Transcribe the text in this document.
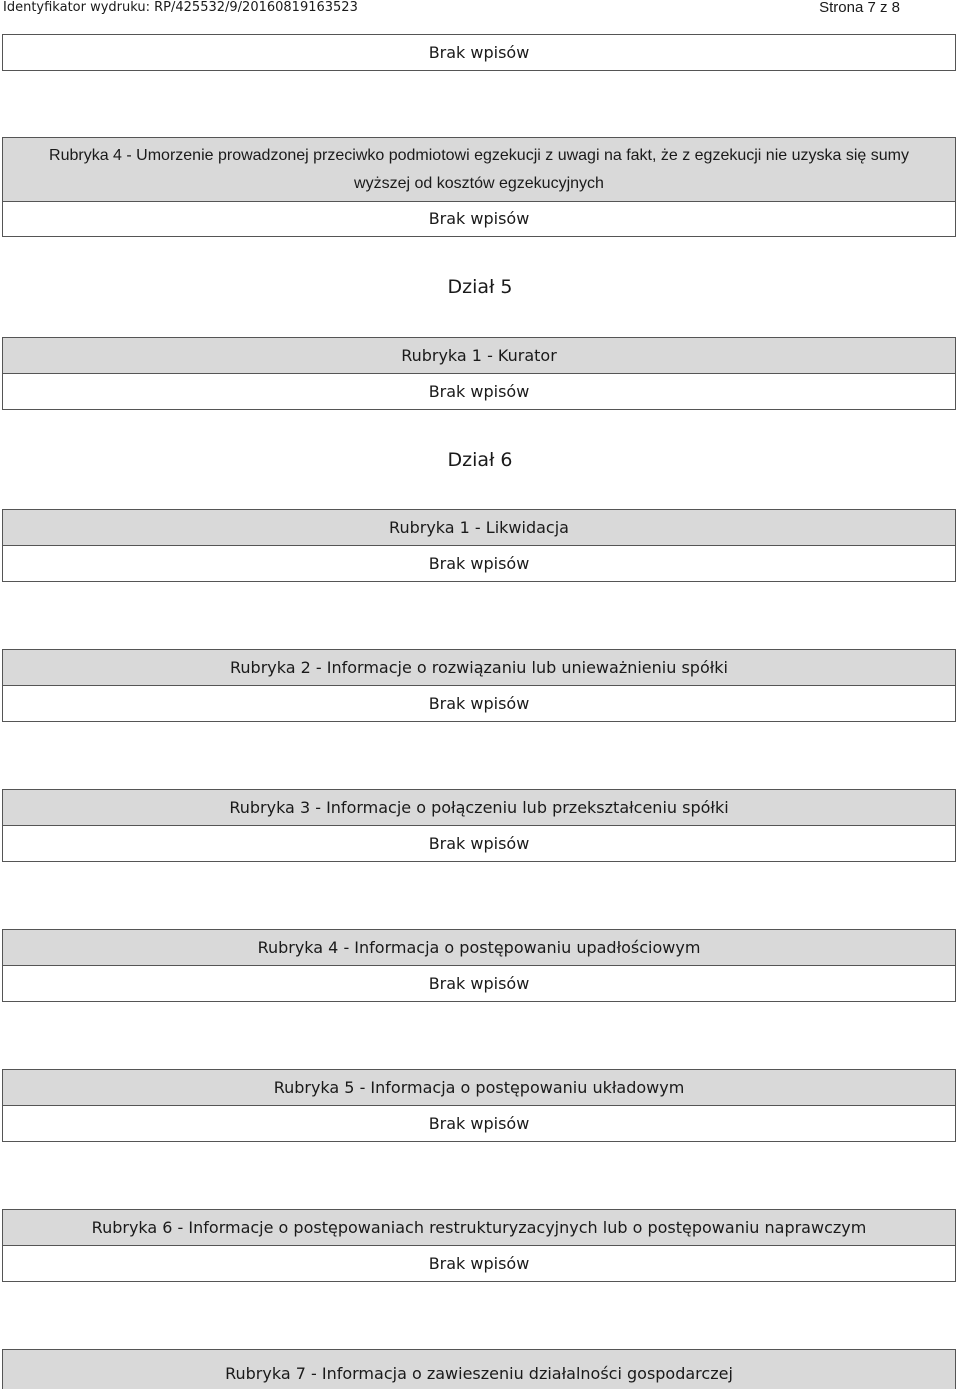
Identyfikator wydruku: RP/425532/9/20160819163523	Strona 7 z 8
Brak wpisów
Rubryka 4 - Umorzenie prowadzonej przeciwko podmiotowi egzekucji z uwagi na fakt, że z egzekucji nie uzyska się sumy wyższej od kosztów egzekucyjnych
Brak wpisów
Dział 5
Rubryka 1 - Kurator
Brak wpisów
Dział 6
Rubryka 1 - Likwidacja
Brak wpisów
Rubryka 2 - Informacje o rozwiązaniu lub unieważnieniu spółki
Brak wpisów
Rubryka 3 - Informacje o połączeniu lub przekształceniu spółki
Brak wpisów
Rubryka 4 - Informacja o postępowaniu upadłościowym
Brak wpisów
Rubryka 5 - Informacja o postępowaniu układowym
Brak wpisów
Rubryka 6 - Informacje o postępowaniach restrukturyzacyjnych lub o postępowaniu naprawczym
Brak wpisów
Rubryka 7 - Informacja o zawieszeniu działalności gospodarczej
